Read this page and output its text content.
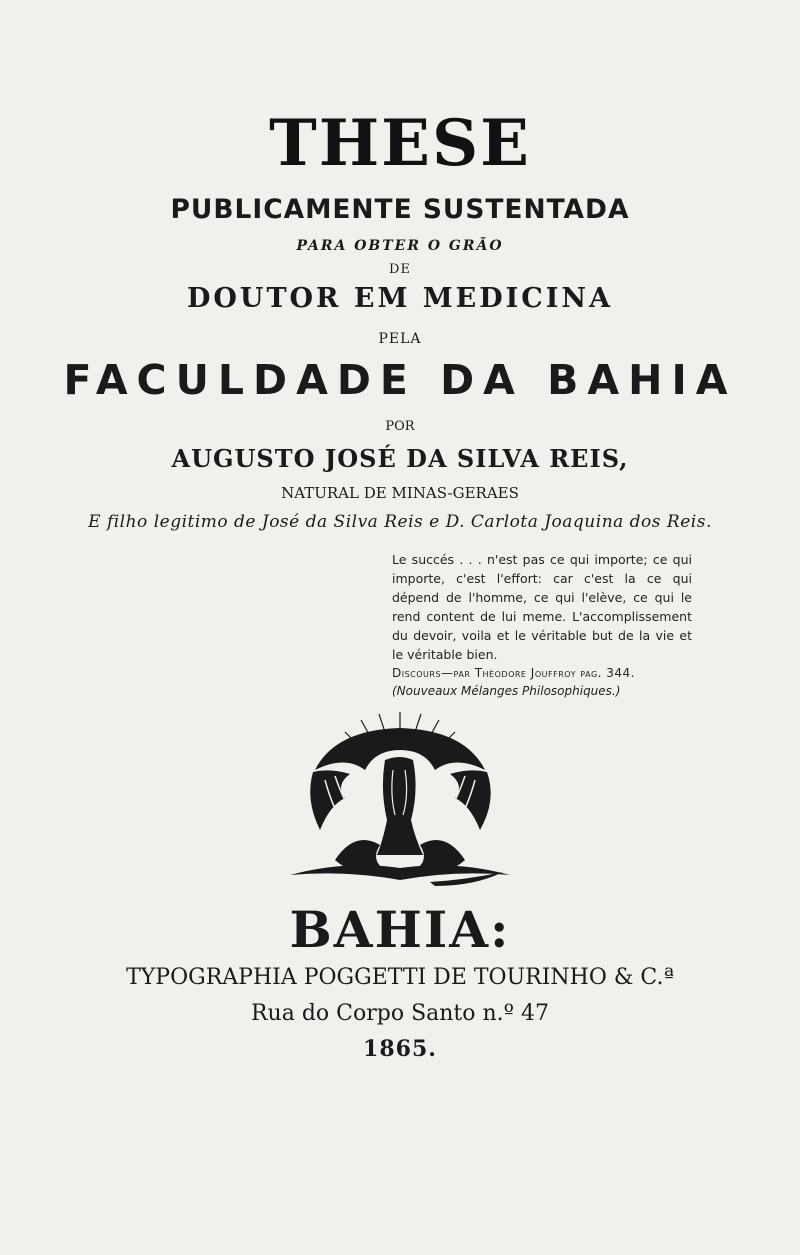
THESE
PUBLICAMENTE SUSTENTADA
PARA OBTER O GRÃO
DE
DOUTOR EM MEDICINA
PELA
FACULDADE DA BAHIA
POR
AUGUSTO JOSÉ DA SILVA REIS,
NATURAL DE MINAS-GERAES
E filho legitimo de José da Silva Reis e D. Carlota Joaquina dos Reis.
Le succés . . . n'est pas ce qui importe; ce qui importe, c'est l'effort: car c'est la ce qui dépend de l'homme, ce qui l'elève, ce qui le rend content de lui meme. L'accomplissement du devoir, voila et le véritable but de la vie et le véritable bien.
Discours—par Thèodore Jouffroy pag. 344.
(Nouveaux Mélanges Philosophiques.)
BAHIA:
TYPOGRAPHIA POGGETTI DE TOURINHO & C.ª
Rua do Corpo Santo n.º 47
1865.
